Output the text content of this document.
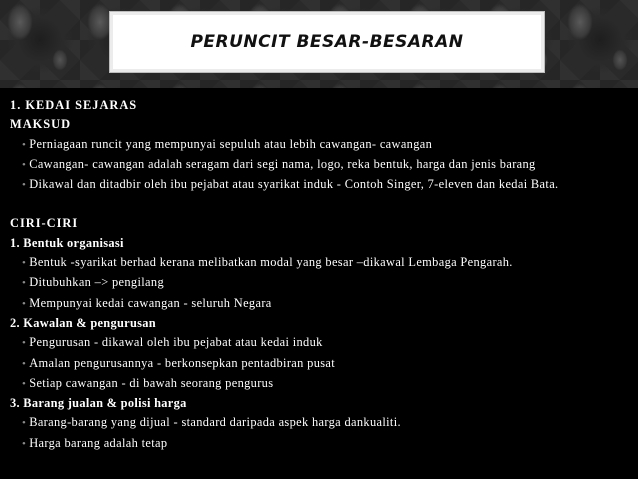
PERUNCIT BESAR-BESARAN
1. KEDAI SEJARAS
MAKSUD
• Perniagaan runcit yang mempunyai sepuluh atau lebih cawangan- cawangan
• Cawangan- cawangan adalah seragam dari segi nama, logo, reka bentuk, harga dan jenis barang
• Dikawal dan ditadbir oleh ibu pejabat atau syarikat induk - Contoh Singer, 7-eleven dan kedai Bata.
CIRI-CIRI
1. Bentuk organisasi
• Bentuk -syarikat berhad kerana melibatkan modal yang besar –dikawal Lembaga Pengarah.
• Ditubuhkan –> pengilang
• Mempunyai kedai cawangan - seluruh Negara
2. Kawalan & pengurusan
• Pengurusan - dikawal oleh ibu pejabat atau kedai induk
• Amalan pengurusannya - berkonsepkan pentadbiran pusat
• Setiap cawangan - di bawah seorang pengurus
3. Barang jualan & polisi harga
• Barang-barang yang dijual - standard daripada aspek harga dankualiti.
• Harga barang adalah tetap
